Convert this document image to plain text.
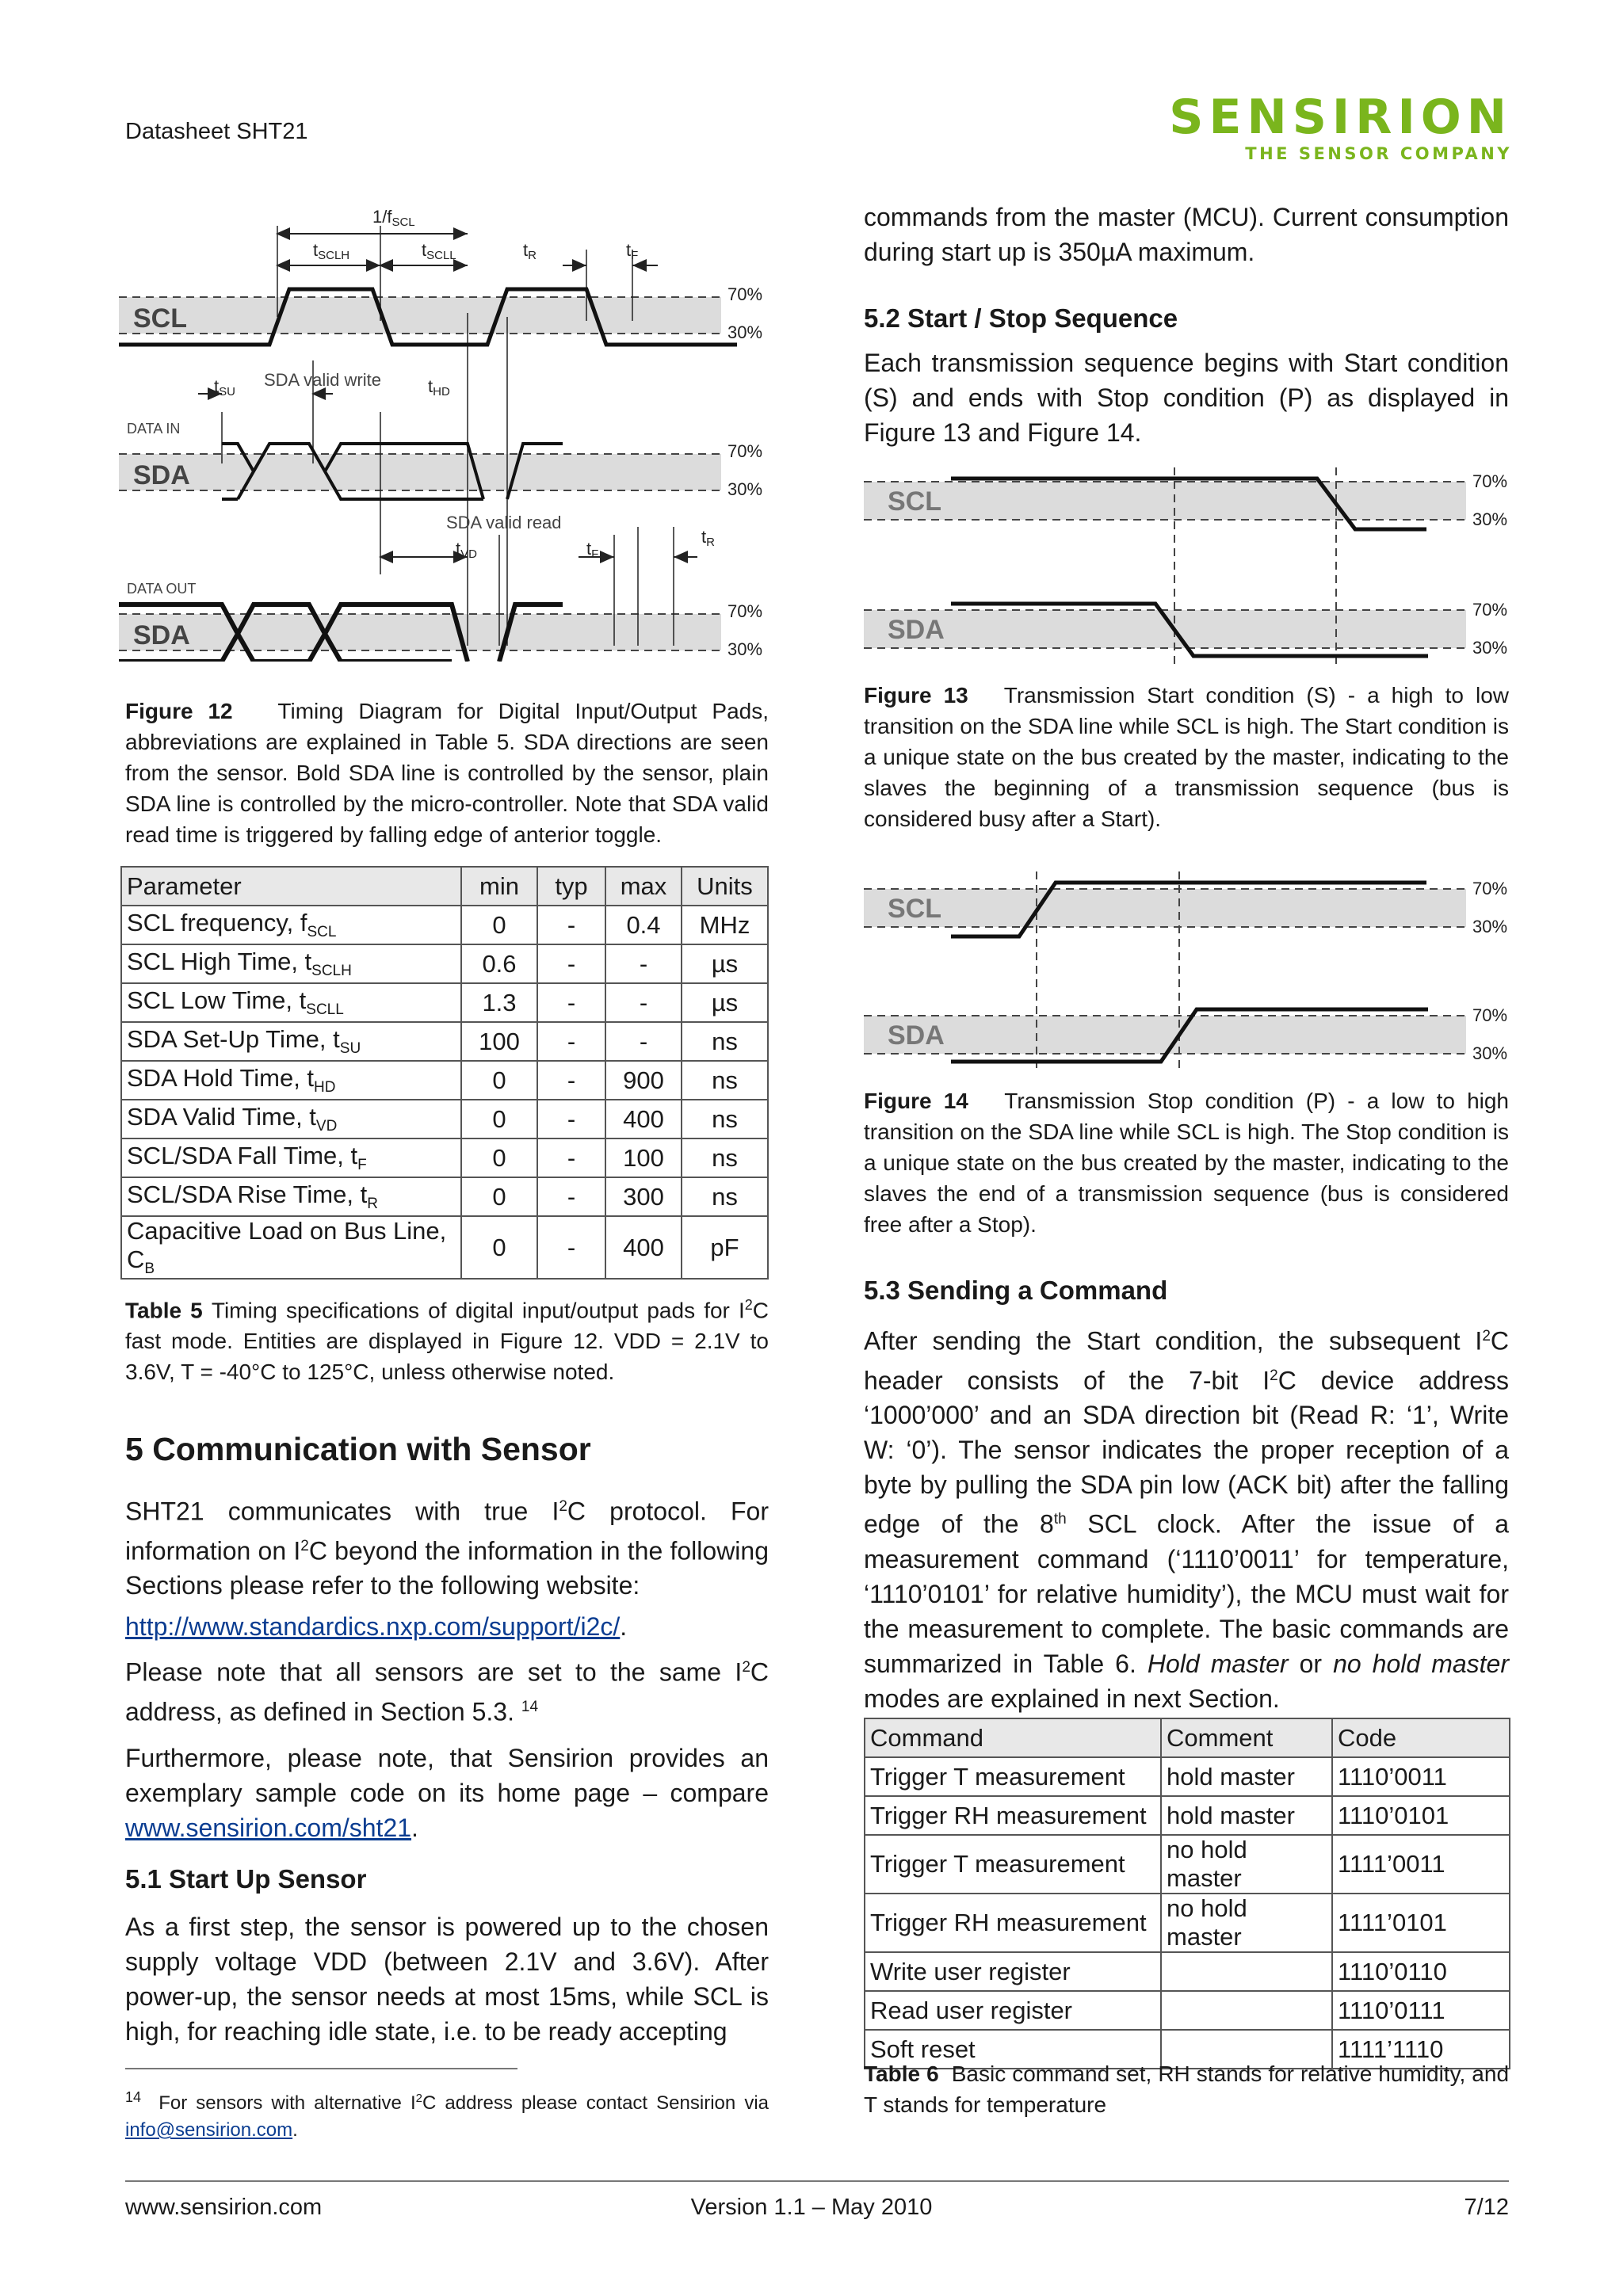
Datasheet SHT21	SENSIRION
THE SENSOR COMPANY
SCL
SDA
SDA
DATA IN
DATA OUT
70%
30%
70%
30%
70%
30%
SDA valid write
SDA valid read
1/fSCL
tSCLH	tSCLL	tR	tF
tSU	tHD
tVD	tF
tR
Figure 12 Timing Diagram for Digital Input/Output Pads, abbreviations are explained in Table 5. SDA directions are seen from the sensor. Bold SDA line is controlled by the sensor, plain SDA line is controlled by the micro-controller. Note that SDA valid read time is triggered by falling edge of anterior toggle.
Parameter	min	typ	max	Units
SCL frequency, $f_{SCL}$	0	-	0.4	MHz
SCL High Time, $t_{SCLH}$	0.6	-	-	µs
SCL Low Time, $t_{SCLL}$	1.3	-	-	µs
SDA Set-Up Time, $t_{SU}$	100	-	-	ns
SDA Hold Time, $t_{HD}$	0	-	900	ns
SDA Valid Time, $t_{VD}$	0	-	400	ns
SCL/SDA Fall Time, $t_F$	0	-	100	ns
SCL/SDA Rise Time, $t_R$	0	-	300	ns
Capacitive Load on Bus Line, $C_B$	0	-	400	pF
Table 5 Timing specifications of digital input/output pads for $I^2C$ fast mode. Entities are displayed in Figure 12. VDD = 2.1V to 3.6V, T = -40°C to 125°C, unless otherwise noted.
5 Communication with Sensor
SHT21 communicates with true $I^2C$ protocol. For information on $I^2C$ beyond the information in the following Sections please refer to the following website:
http://www.standardics.nxp.com/support/i2c/.
Please note that all sensors are set to the same $I^2C$ address, as defined in Section 5.3. $^{14}$
Furthermore, please note, that Sensirion provides an exemplary sample code on its home page – compare www.sensirion.com/sht21.
5.1 Start Up Sensor
As a first step, the sensor is powered up to the chosen supply voltage VDD (between 2.1V and 3.6V). After power-up, the sensor needs at most 15ms, while SCL is high, for reaching idle state, i.e. to be ready accepting
$^{14}$ For sensors with alternative $I^2C$ address please contact Sensirion via info@sensirion.com.
commands from the master (MCU). Current consumption during start up is 350µA maximum.
5.2 Start / Stop Sequence
Each transmission sequence begins with Start condition (S) and ends with Stop condition (P) as displayed in Figure 13 and Figure 14.
SCL
SDA
70%
30%
70%
30%
Figure 13 Transmission Start condition (S) - a high to low transition on the SDA line while SCL is high. The Start condition is a unique state on the bus created by the master, indicating to the slaves the beginning of a transmission sequence (bus is considered busy after a Start).
SCL
SDA
70%
30%
70%
30%
Figure 14 Transmission Stop condition (P) - a low to high transition on the SDA line while SCL is high. The Stop condition is a unique state on the bus created by the master, indicating to the slaves the end of a transmission sequence (bus is considered free after a Stop).
5.3 Sending a Command
After sending the Start condition, the subsequent $I^2C$ header consists of the 7-bit $I^2C$ device address ‘1000’000’ and an SDA direction bit (Read R: ‘1’, Write W: ‘0’). The sensor indicates the proper reception of a byte by pulling the SDA pin low (ACK bit) after the falling edge of the 8th SCL clock. After the issue of a measurement command (‘1110’0011’ for temperature, ‘1110’0101’ for relative humidity’), the MCU must wait for the measurement to complete. The basic commands are summarized in Table 6. Hold master or no hold master modes are explained in next Section.
Command	Comment	Code
Trigger T measurement	hold master	1110’0011
Trigger RH measurement	hold master	1110’0101
Trigger T measurement	no hold master	1111’0011
Trigger RH measurement	no hold master	1111’0101
Write user register		1110’0110
Read user register		1110’0111
Soft reset		1111’1110
Table 6 Basic command set, RH stands for relative humidity, and T stands for temperature
www.sensirion.com	Version 1.1 – May 2010	7/12
